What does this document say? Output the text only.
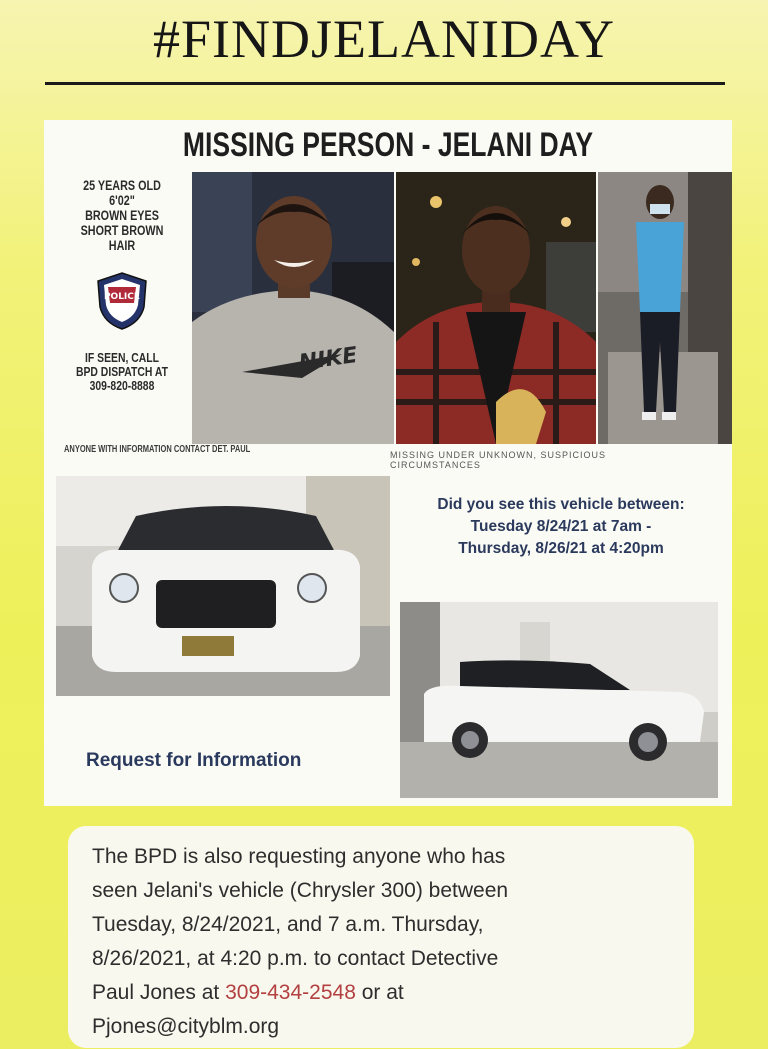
#FINDJELANIDAY
MISSING PERSON - JELANI DAY
25 YEARS OLD
6'02"
BROWN EYES
SHORT BROWN
HAIR
POLICE
IF SEEN, CALL
BPD DISPATCH AT
309-820-8888
NIKE
ANYONE WITH INFORMATION CONTACT DET. PAUL	MISSING UNDER UNKNOWN, SUSPICIOUS CIRCUMSTANCES
Did you see this vehicle between:
Tuesday 8/24/21 at 7am -
Thursday, 8/26/21 at 4:20pm
Request for Information
The BPD is also requesting anyone who has
seen Jelani's vehicle (Chrysler 300) between
Tuesday, 8/24/2021, and 7 a.m. Thursday,
8/26/2021, at 4:20 p.m. to contact Detective
Paul Jones at 309-434-2548 or at
Pjones@cityblm.org
